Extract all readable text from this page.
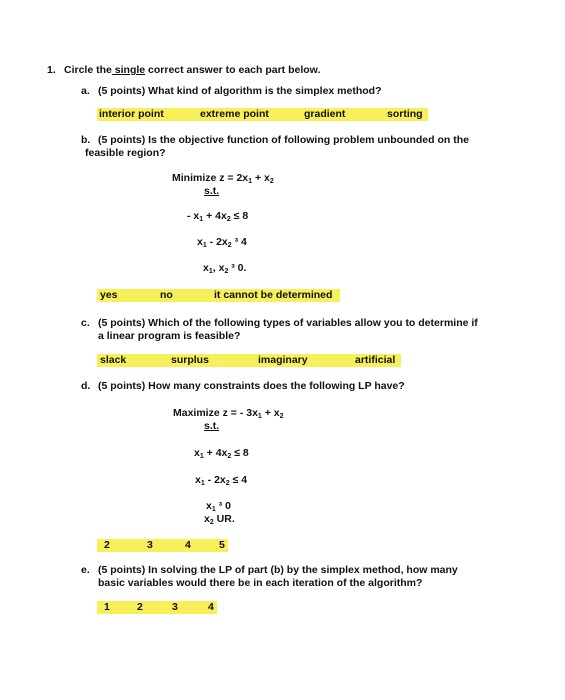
1. Circle the single correct answer to each part below.
a. (5 points) What kind of algorithm is the simplex method?
interior point	extreme point	gradient	sorting
b. (5 points) Is the objective function of following problem unbounded on the
feasible region?
Minimize $z = 2x_1 + x_2$
s.t.
- $x_1 + 4x_2 \le 8$
$x_1 - 2x_2$ ³ 4
$x_1$, $x_2$ ³ 0.
yes	no	it cannot be determined
c. (5 points) Which of the following types of variables allow you to determine if
a linear program is feasible?
slack	surplus	imaginary	artificial
d. (5 points) How many constraints does the following LP have?
Maximize z = - $3x_1 + x_2$
s.t.
$x_1 + 4x_2 \le 8$
$x_1 - 2x_2 \le 4$
$x_1$ ³ 0
$x_2$ UR.
2	3	4	5
e. (5 points) In solving the LP of part (b) by the simplex method, how many
basic variables would there be in each iteration of the algorithm?
1	2	3	4
